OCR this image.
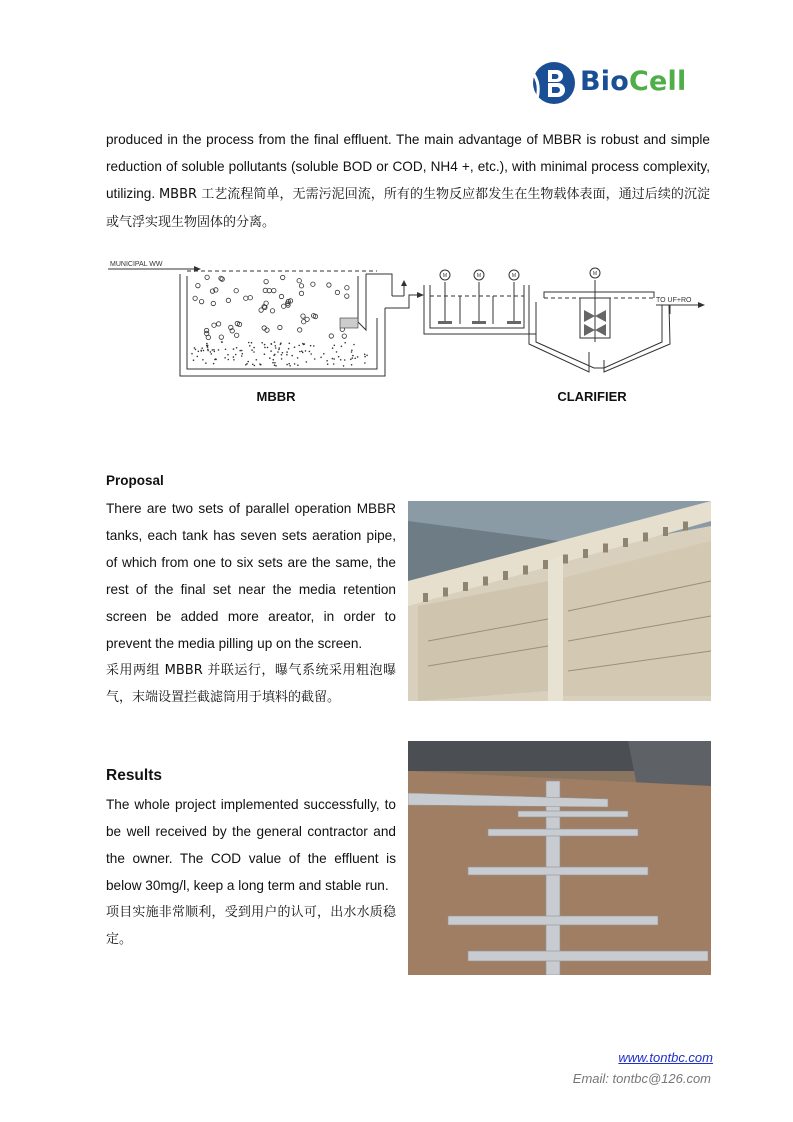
BioCell

produced in the process from the final effluent. The main advantage of MBBR is robust and simple reduction of soluble pollutants (soluble BOD or COD, NH4 +, etc.), with minimal process complexity, utilizing. MBBR 工艺流程简单，无需污泥回流，所有的生物反应都发生在生物载体表面，通过后续的沉淀或气浮实现生物固体的分离。

M	M	M	M
MUNICIPAL WW
TO UF+RO
MBBR	CLARIFIER
Proposal

There are two sets of parallel operation MBBR tanks, each tank has seven sets aeration pipe, of which from one to six sets are the same, the rest of the final set near the media retention screen be added more areator, in order to prevent the media pilling up on the screen.

采用两组 MBBR 并联运行，曝气系统采用粗泡曝气，末端设置拦截滤筒用于填料的截留。

Results

The whole project implemented successfully, to be well received by the general contractor and the owner. The COD value of the effluent is below 30mg/l, keep a long term and stable run.

项目实施非常顺利，受到用户的认可，出水水质稳定。

www.tontbc.com
Email: tontbc@126.com
